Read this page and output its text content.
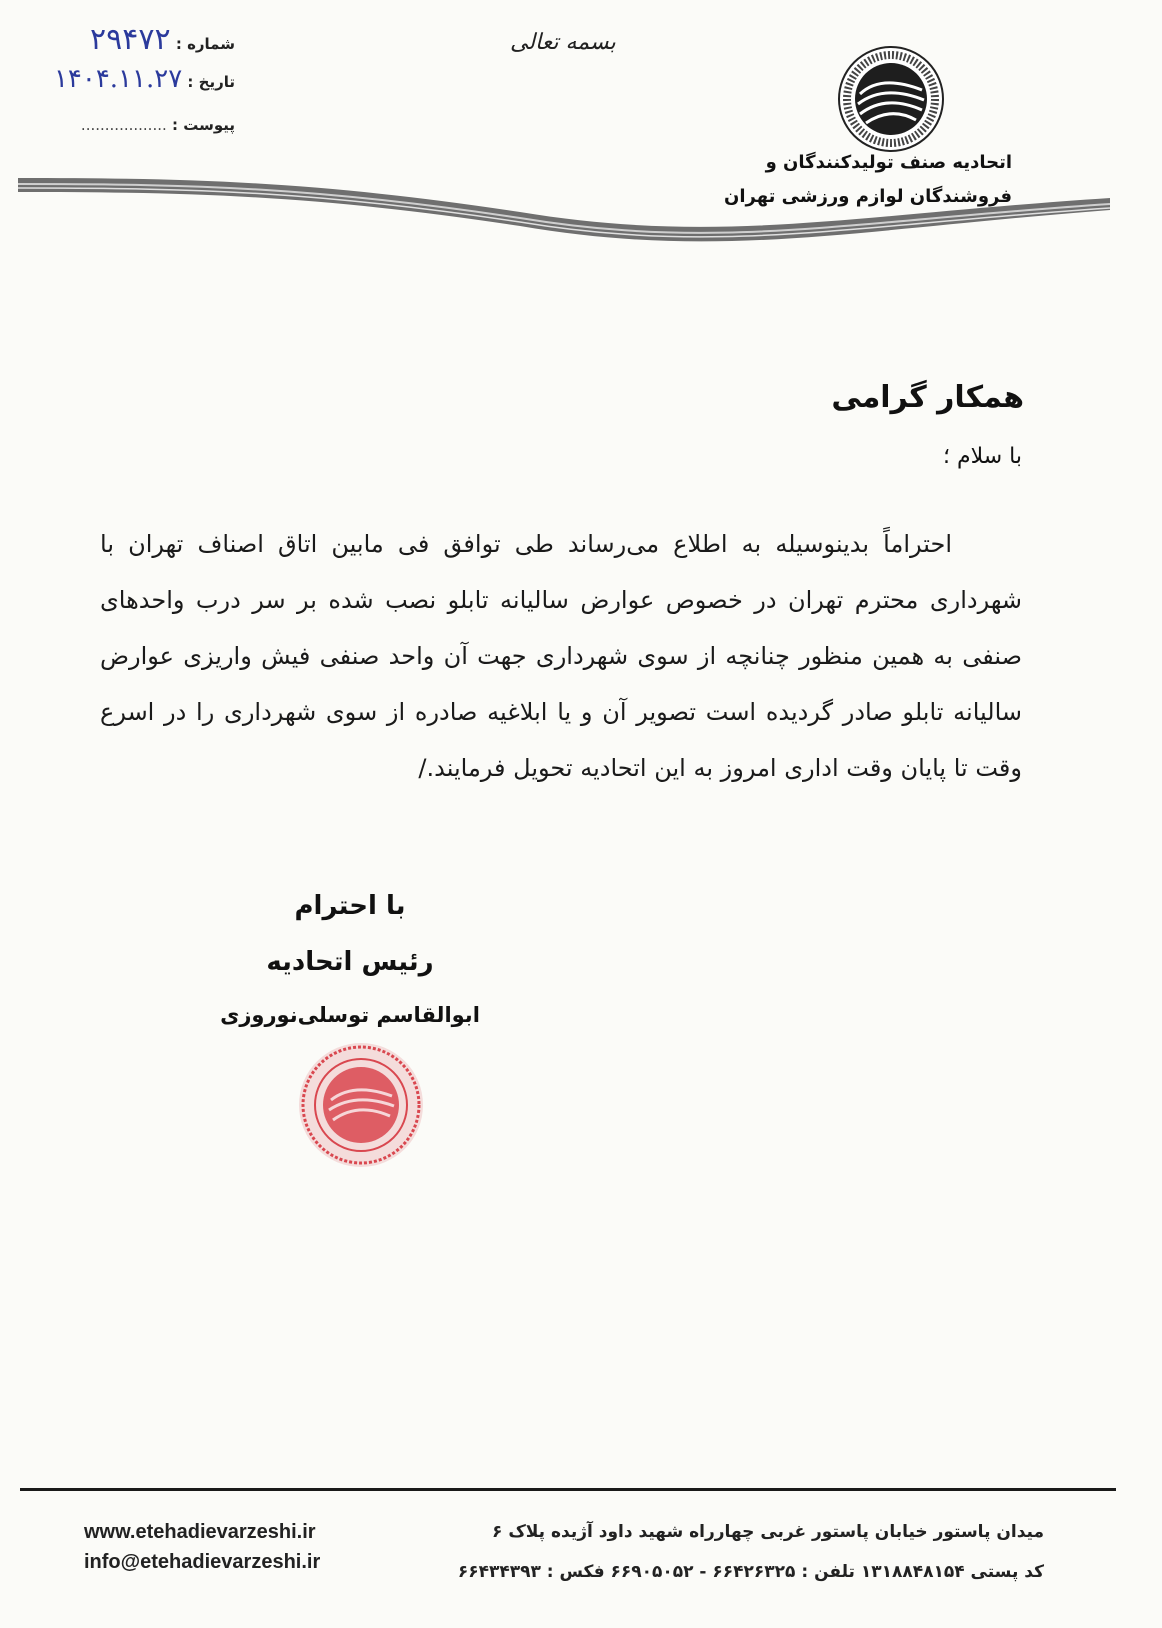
شماره : ۲۹۴۷۲
تاریخ : ۱۴۰۴.۱۱.۲۷
پیوست : ..................
بسمه تعالی
اتحادیه صنف تولیدکنندگان و
فروشندگان لوازم ورزشی تهران
همکار گرامی
با سلام ؛
احتراماً بدینوسیله به اطلاع می‌رساند طی توافق فی مابین اتاق اصناف تهران با شهرداری محترم تهران در خصوص عوارض سالیانه تابلو نصب شده بر سر درب واحدهای صنفی به همین منظور چنانچه از سوی شهرداری جهت آن واحد صنفی فیش واریزی عوارض سالیانه تابلو صادر گردیده است تصویر آن و یا ابلاغیه صادره از سوی شهرداری را در اسرع وقت تا پایان وقت اداری امروز به این اتحادیه تحویل فرمایند./
با احترام
رئیس اتحادیه
ابوالقاسم توسلی‌نوروزی
میدان پاستور خیابان پاستور غربی چهارراه شهید داود آژیده پلاک ۶
کد پستی ۱۳۱۸۸۴۸۱۵۴ تلفن : ۶۶۴۲۶۳۲۵ - ۶۶۹۰۵۰۵۲ فکس : ۶۶۴۳۴۳۹۳
www.etehadievarzeshi.ir
info@etehadievarzeshi.ir
